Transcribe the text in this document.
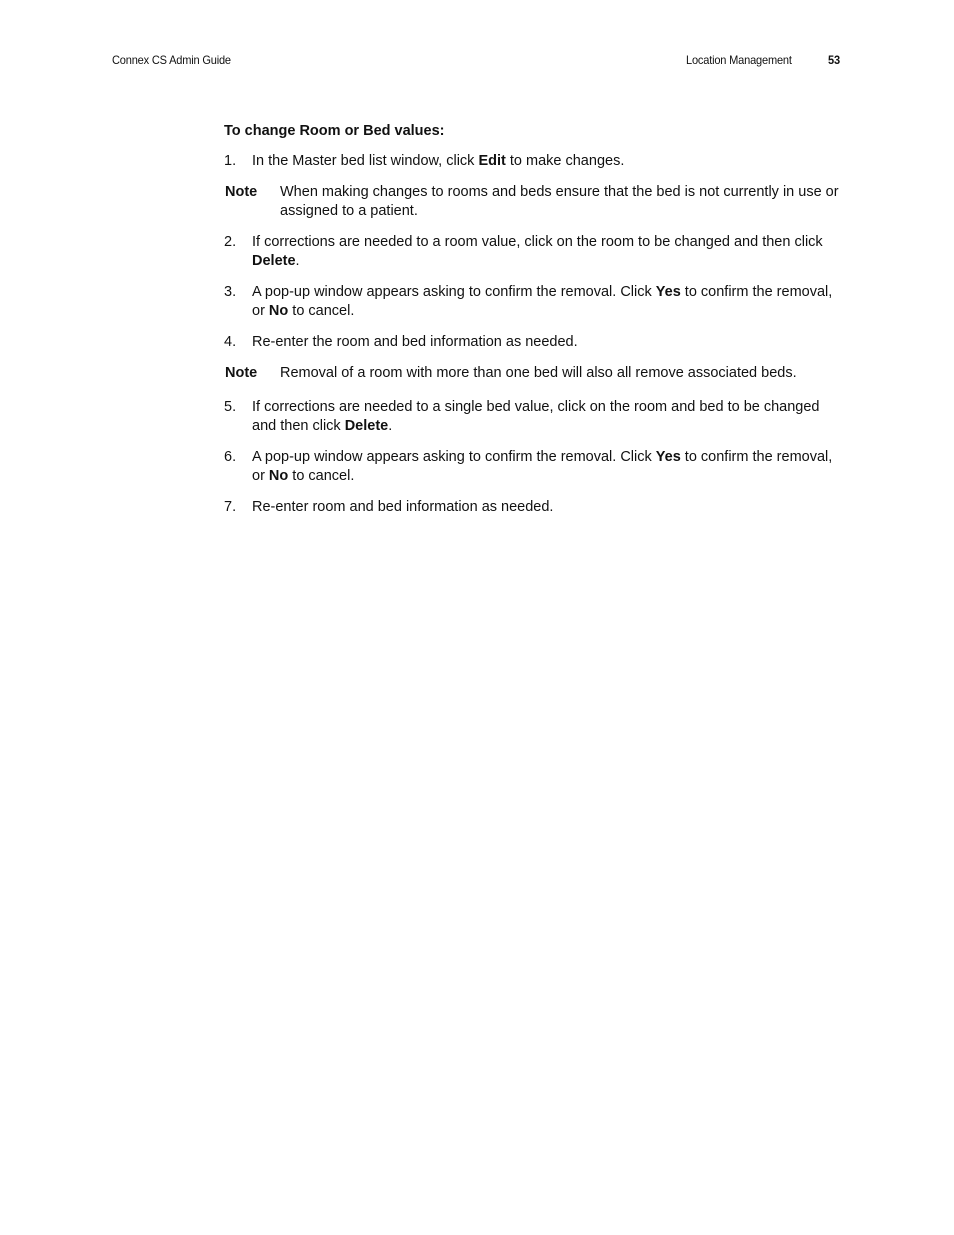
Connex CS Admin Guide	Location Management	53
To change Room or Bed values:
1. In the Master bed list window, click Edit to make changes.
Note When making changes to rooms and beds ensure that the bed is not currently in use or assigned to a patient.
2. If corrections are needed to a room value, click on the room to be changed and then click Delete.
3. A pop-up window appears asking to confirm the removal. Click Yes to confirm the removal, or No to cancel.
4. Re-enter the room and bed information as needed.
Note Removal of a room with more than one bed will also all remove associated beds.
5. If corrections are needed to a single bed value, click on the room and bed to be changed and then click Delete.
6. A pop-up window appears asking to confirm the removal. Click Yes to confirm the removal, or No to cancel.
7. Re-enter room and bed information as needed.
